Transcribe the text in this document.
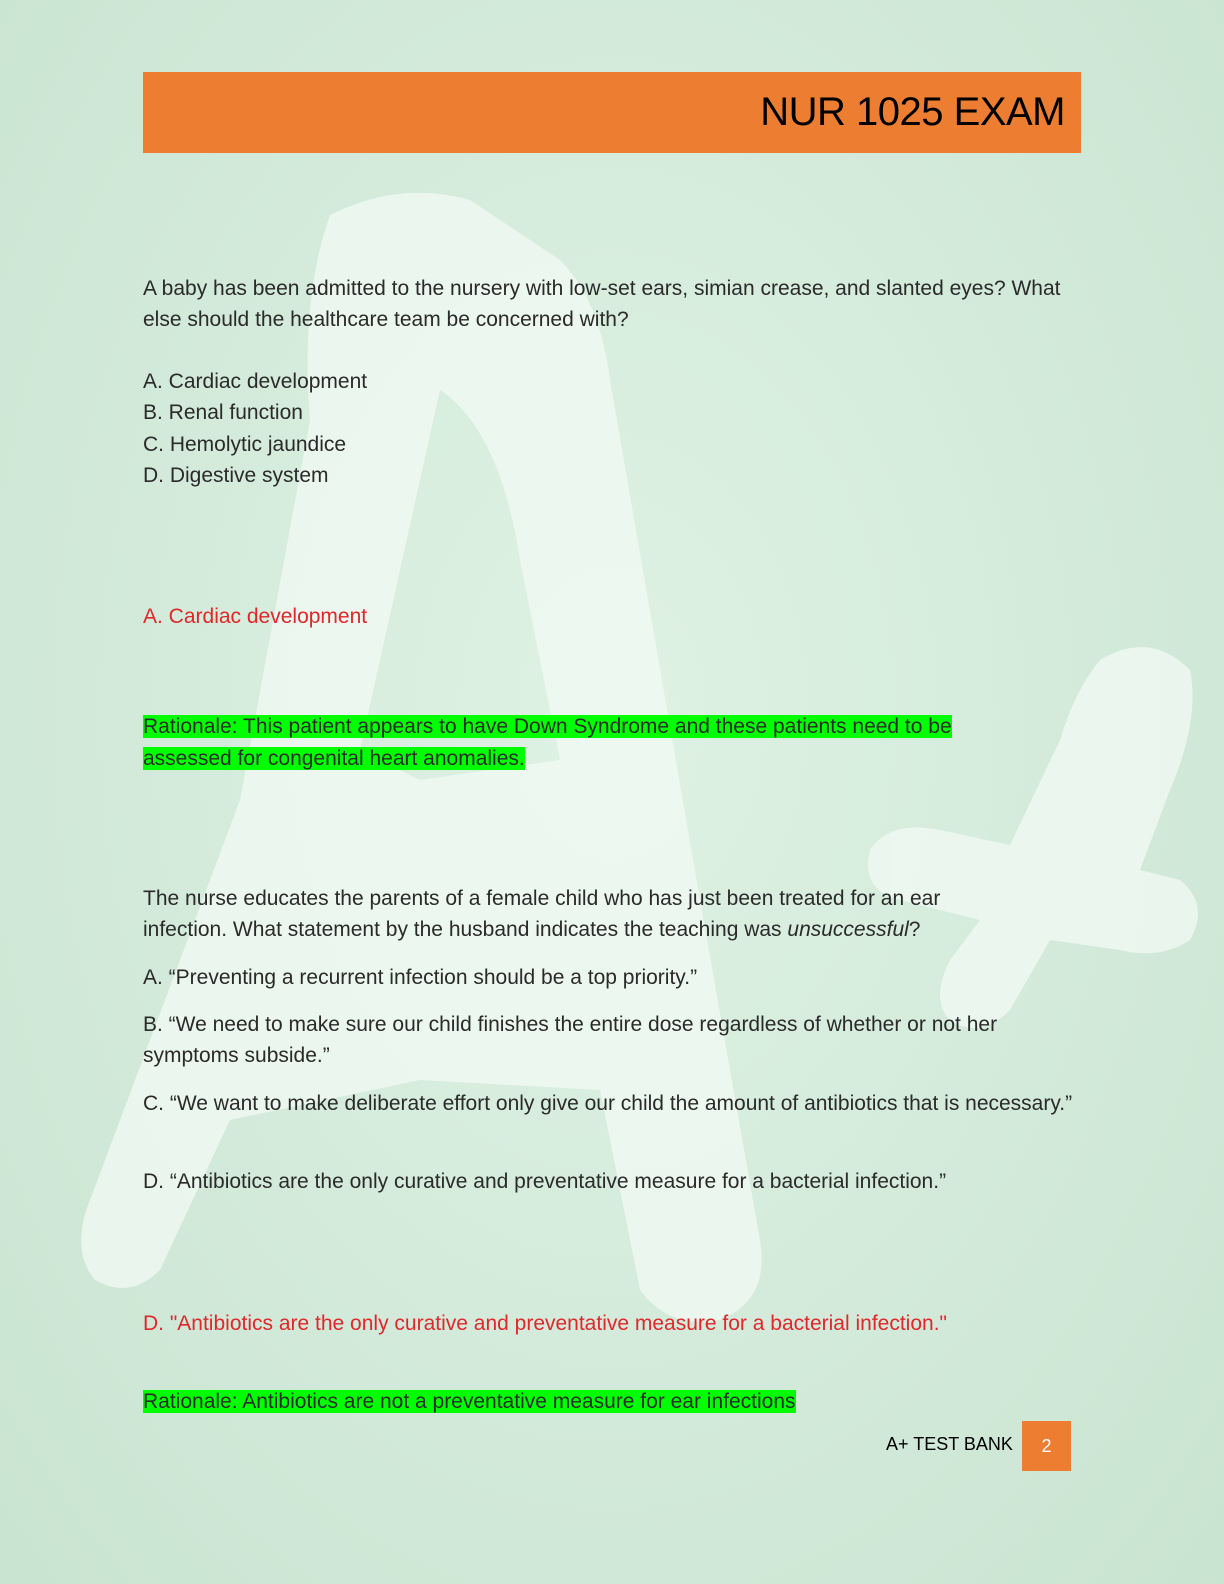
NUR 1025 EXAM
A baby has been admitted to the nursery with low-set ears, simian crease, and slanted eyes? What else should the healthcare team be concerned with?
A. Cardiac development
B. Renal function
C. Hemolytic jaundice
D. Digestive system
A. Cardiac development
Rationale: This patient appears to have Down Syndrome and these patients need to be assessed for congenital heart anomalies.
The nurse educates the parents of a female child who has just been treated for an ear infection. What statement by the husband indicates the teaching was unsuccessful?
A. “Preventing a recurrent infection should be a top priority.”
B. “We need to make sure our child finishes the entire dose regardless of whether or not her symptoms subside.”
C. “We want to make deliberate effort only give our child the amount of antibiotics that is necessary.”
D. “Antibiotics are the only curative and preventative measure for a bacterial infection.”
D. "Antibiotics are the only curative and preventative measure for a bacterial infection."
Rationale: Antibiotics are not a preventative measure for ear infections
A+ TEST BANK 2
